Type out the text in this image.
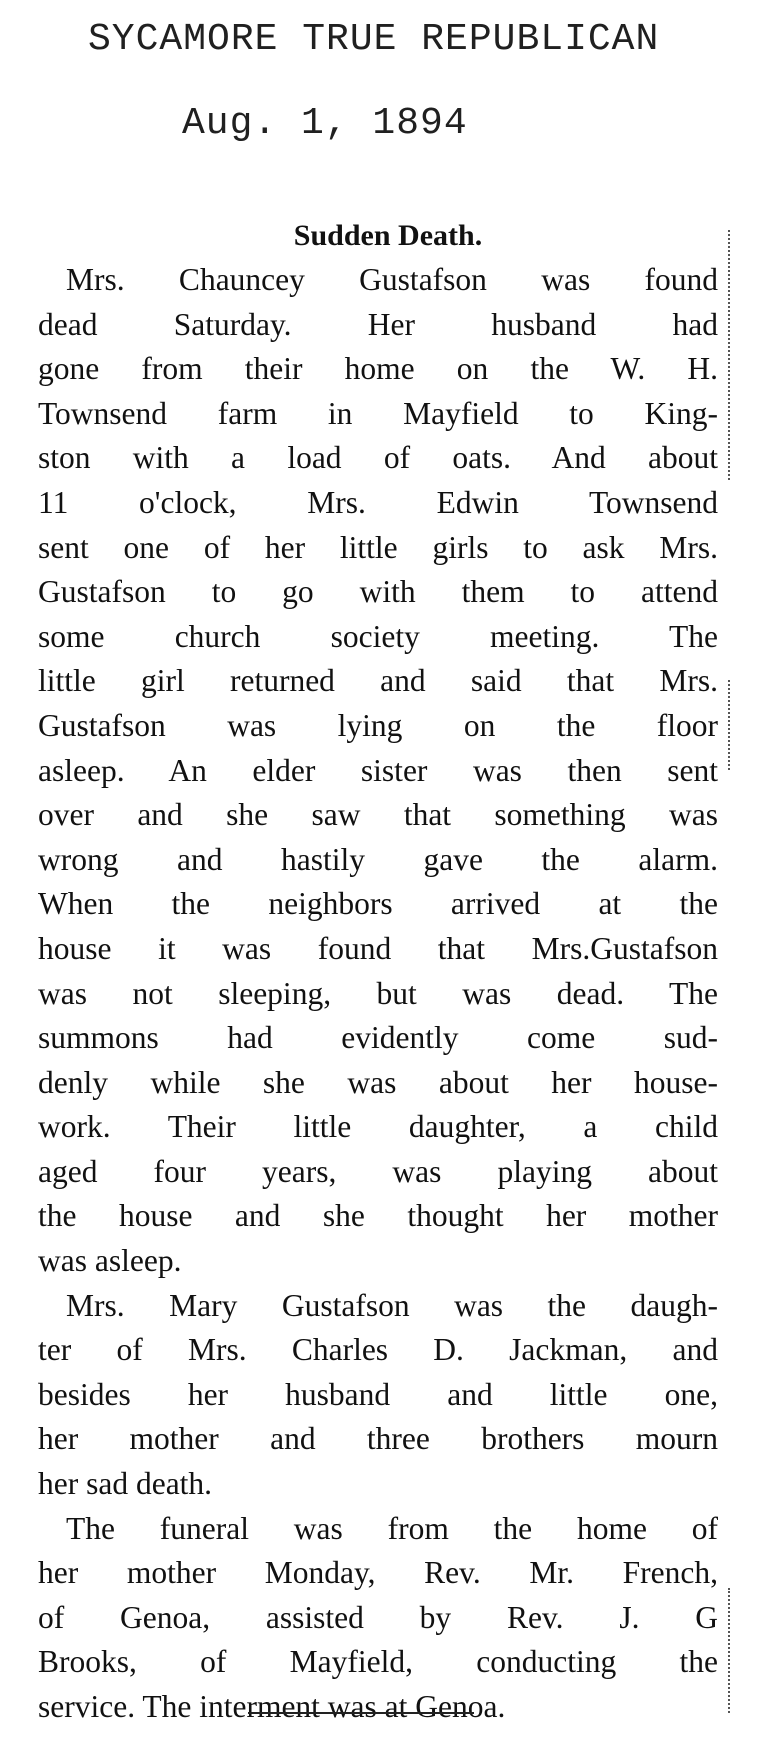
SYCAMORE TRUE REPUBLICAN
Aug. 1, 1894
Sudden Death.
Mrs. Chauncey Gustafson was found
dead Saturday. Her husband had
gone from their home on the W. H.
Townsend farm in Mayfield to King-
ston with a load of oats. And about
11 o'clock, Mrs. Edwin Townsend
sent one of her little girls to ask Mrs.
Gustafson to go with them to attend
some church society meeting. The
little girl returned and said that Mrs.
Gustafson was lying on the floor
asleep. An elder sister was then sent
over and she saw that something was
wrong and hastily gave the alarm.
When the neighbors arrived at the
house it was found that Mrs.Gustafson
was not sleeping, but was dead. The
summons had evidently come sud-
denly while she was about her house-
work. Their little daughter, a child
aged four years, was playing about
the house and she thought her mother
was asleep.
Mrs. Mary Gustafson was the daugh-
ter of Mrs. Charles D. Jackman, and
besides her husband and little one,
her mother and three brothers mourn
her sad death.
The funeral was from the home of
her mother Monday, Rev. Mr. French,
of Genoa, assisted by Rev. J. G
Brooks, of Mayfield, conducting the
service. The interment was at Genoa.
